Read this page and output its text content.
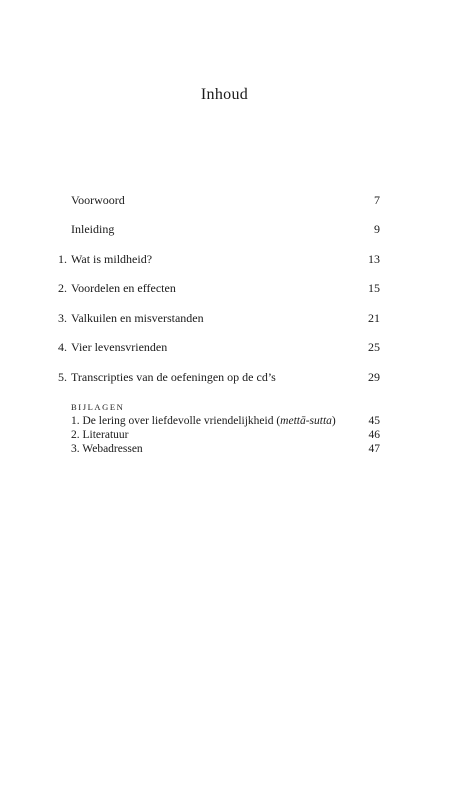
Inhoud
Voorwoord	7
Inleiding	9
1. Wat is mildheid?	13
2. Voordelen en effecten	15
3. Valkuilen en misverstanden	21
4. Vier levensvrienden	25
5. Transcripties van de oefeningen op de cd’s	29
BIJLAGEN
1. De lering over liefdevolle vriendelijkheid (mettā-sutta)	45
2. Literatuur	46
3. Webadressen	47
